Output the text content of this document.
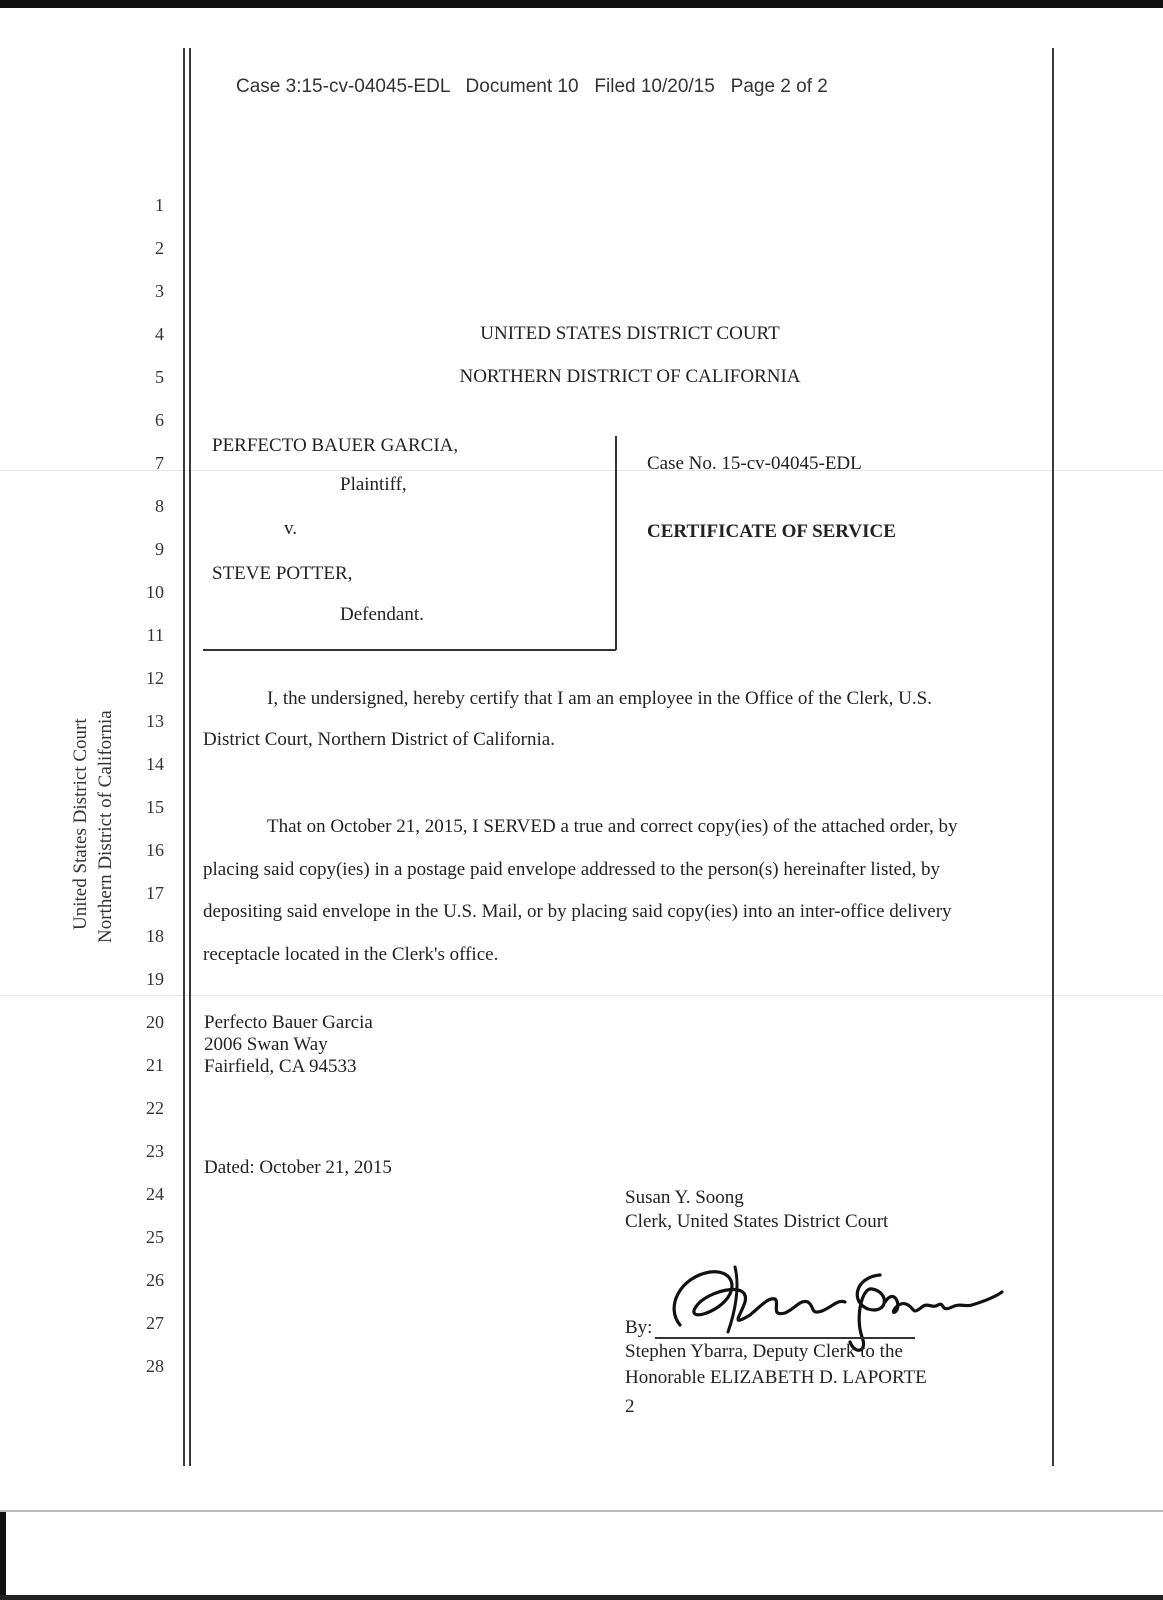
Case 3:15-cv-04045-EDL Document 10 Filed 10/20/15 Page 2 of 2
United States District Court Northern District of California
1
2
3
4
5
6
7
8
9
10
11
12
13
14
15
16
17
18
19
20
21
22
23
24
25
26
27
28
UNITED STATES DISTRICT COURT
NORTHERN DISTRICT OF CALIFORNIA
PERFECTO BAUER GARCIA,
Plaintiff,
v.
STEVE POTTER,
Defendant.
Case No. 15-cv-04045-EDL
CERTIFICATE OF SERVICE
I, the undersigned, hereby certify that I am an employee in the Office of the Clerk, U.S.
District Court, Northern District of California.
That on October 21, 2015, I SERVED a true and correct copy(ies) of the attached order, by
placing said copy(ies) in a postage paid envelope addressed to the person(s) hereinafter listed, by
depositing said envelope in the U.S. Mail, or by placing said copy(ies) into an inter-office delivery
receptacle located in the Clerk's office.
Perfecto Bauer Garcia
2006 Swan Way
Fairfield, CA 94533
Dated: October 21, 2015
Susan Y. Soong
Clerk, United States District Court
By:
Stephen Ybarra, Deputy Clerk to the
Honorable ELIZABETH D. LAPORTE
2
